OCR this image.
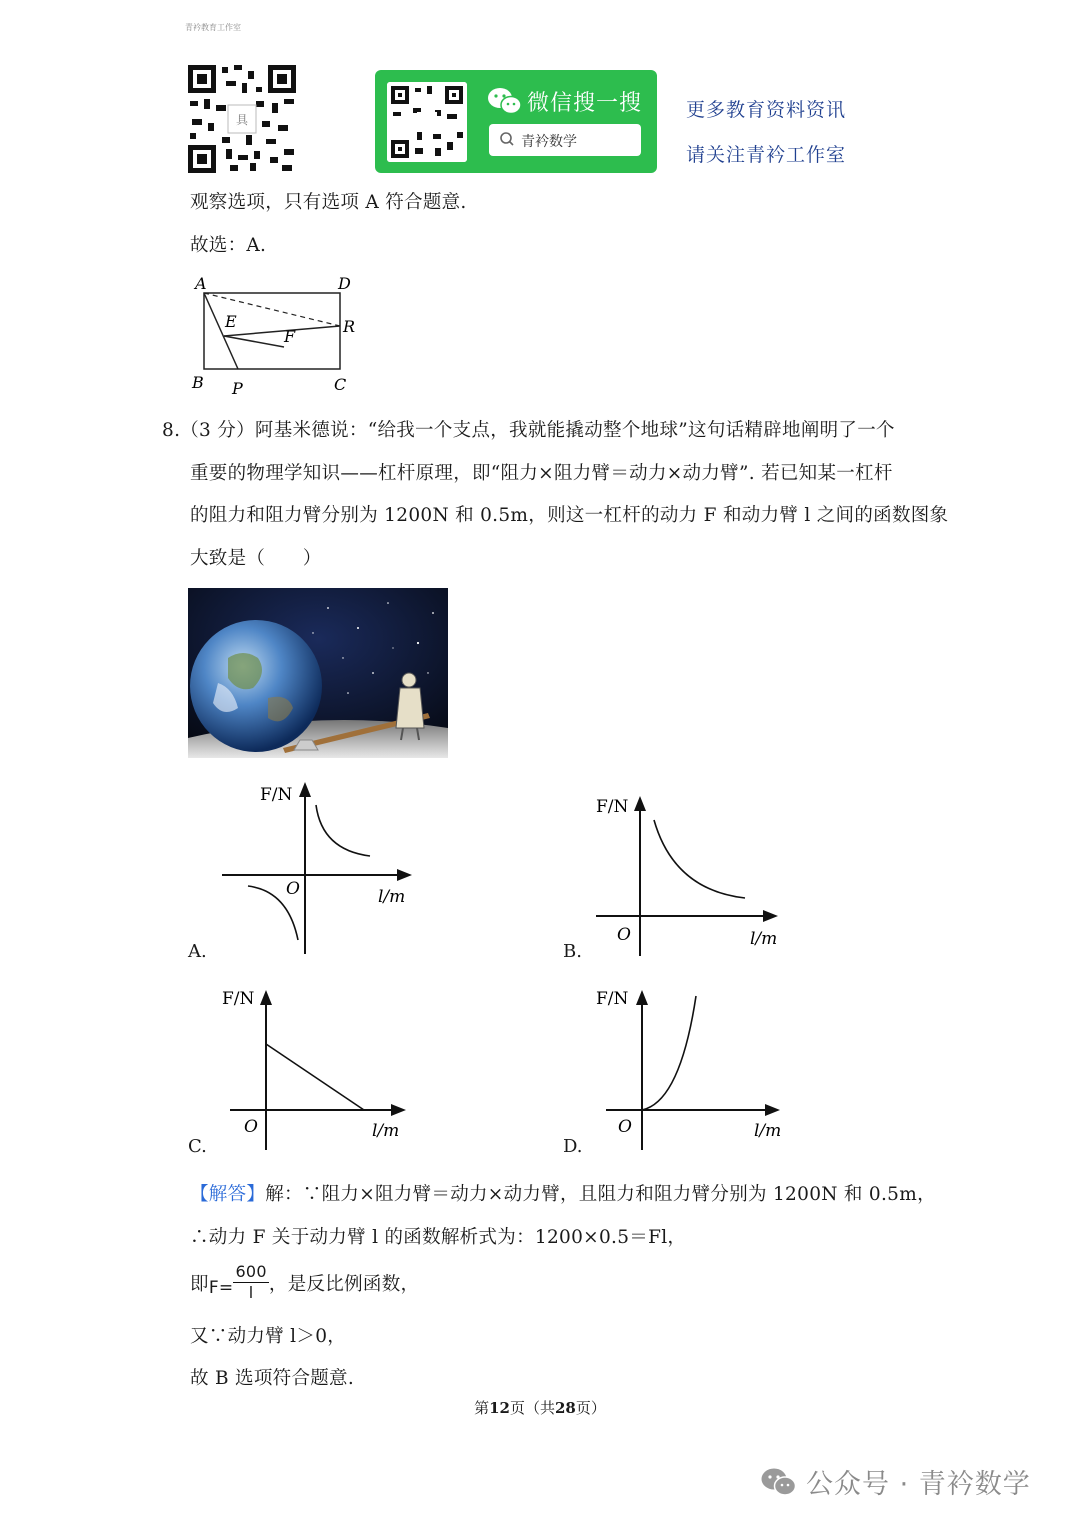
青衿教育工作室
具
微信搜一搜
青衿数学
更多教育资料资讯
请关注青衿工作室
观察选项，只有选项 A 符合题意.
故选：A.
A	D
R
E
F
B P	C
8.（3 分）阿基米德说：“给我一个支点，我就能撬动整个地球”这句话精辟地阐明了一个
重要的物理学知识——杠杆原理，即“阻力×阻力臂＝动力×动力臂”. 若已知某一杠杆
的阻力和阻力臂分别为 1200N 和 0.5m，则这一杠杆的动力 F 和动力臂 l 之间的函数图象
大致是（　　）
F/N
O	l/m
A.
F/N
O	l/m
B.
F/N
O	l/m
C.
F/N
O	l/m
D.
【解答】解：∵阻力×阻力臂＝动力×动力臂，且阻力和阻力臂分别为 1200N 和 0.5m，
∴动力 F 关于动力臂 l 的函数解析式为：1200×0.5＝Fl，
即 $F= \frac{600}{l}$ ，是反比例函数，
又∵动力臂 l＞0，
故 B 选项符合题意.
第12页（共28页）
公众号 · 青衿数学
